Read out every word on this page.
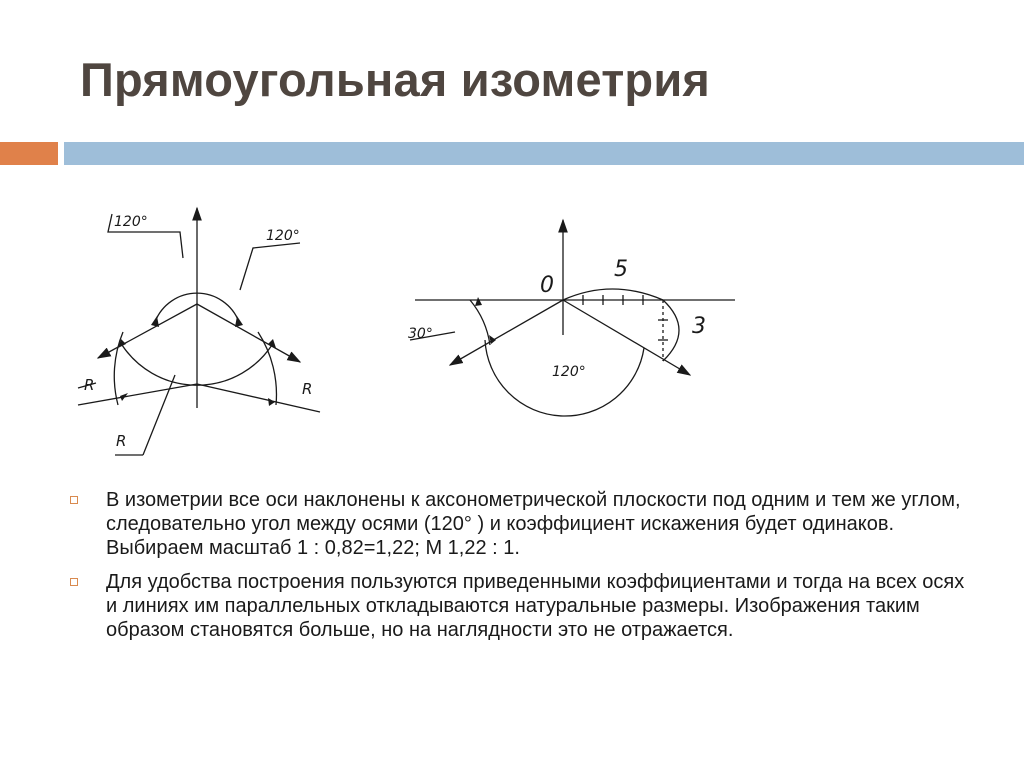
Прямоугольная изометрия
120°
120°
R	R
R
0
5
3
30°
120°
В изометрии все оси наклонены к аксонометрической плоскости под одним и тем же углом, следовательно угол между осями (120° ) и коэффициент искажения будет одинаков. Выбираем масштаб 1 : 0,82=1,22; М 1,22 : 1.
Для удобства построения пользуются приведенными коэффициентами и тогда на всех осях и линиях им параллельных откладываются натуральные размеры. Изображения таким образом становятся больше, но на наглядности это не отражается.
